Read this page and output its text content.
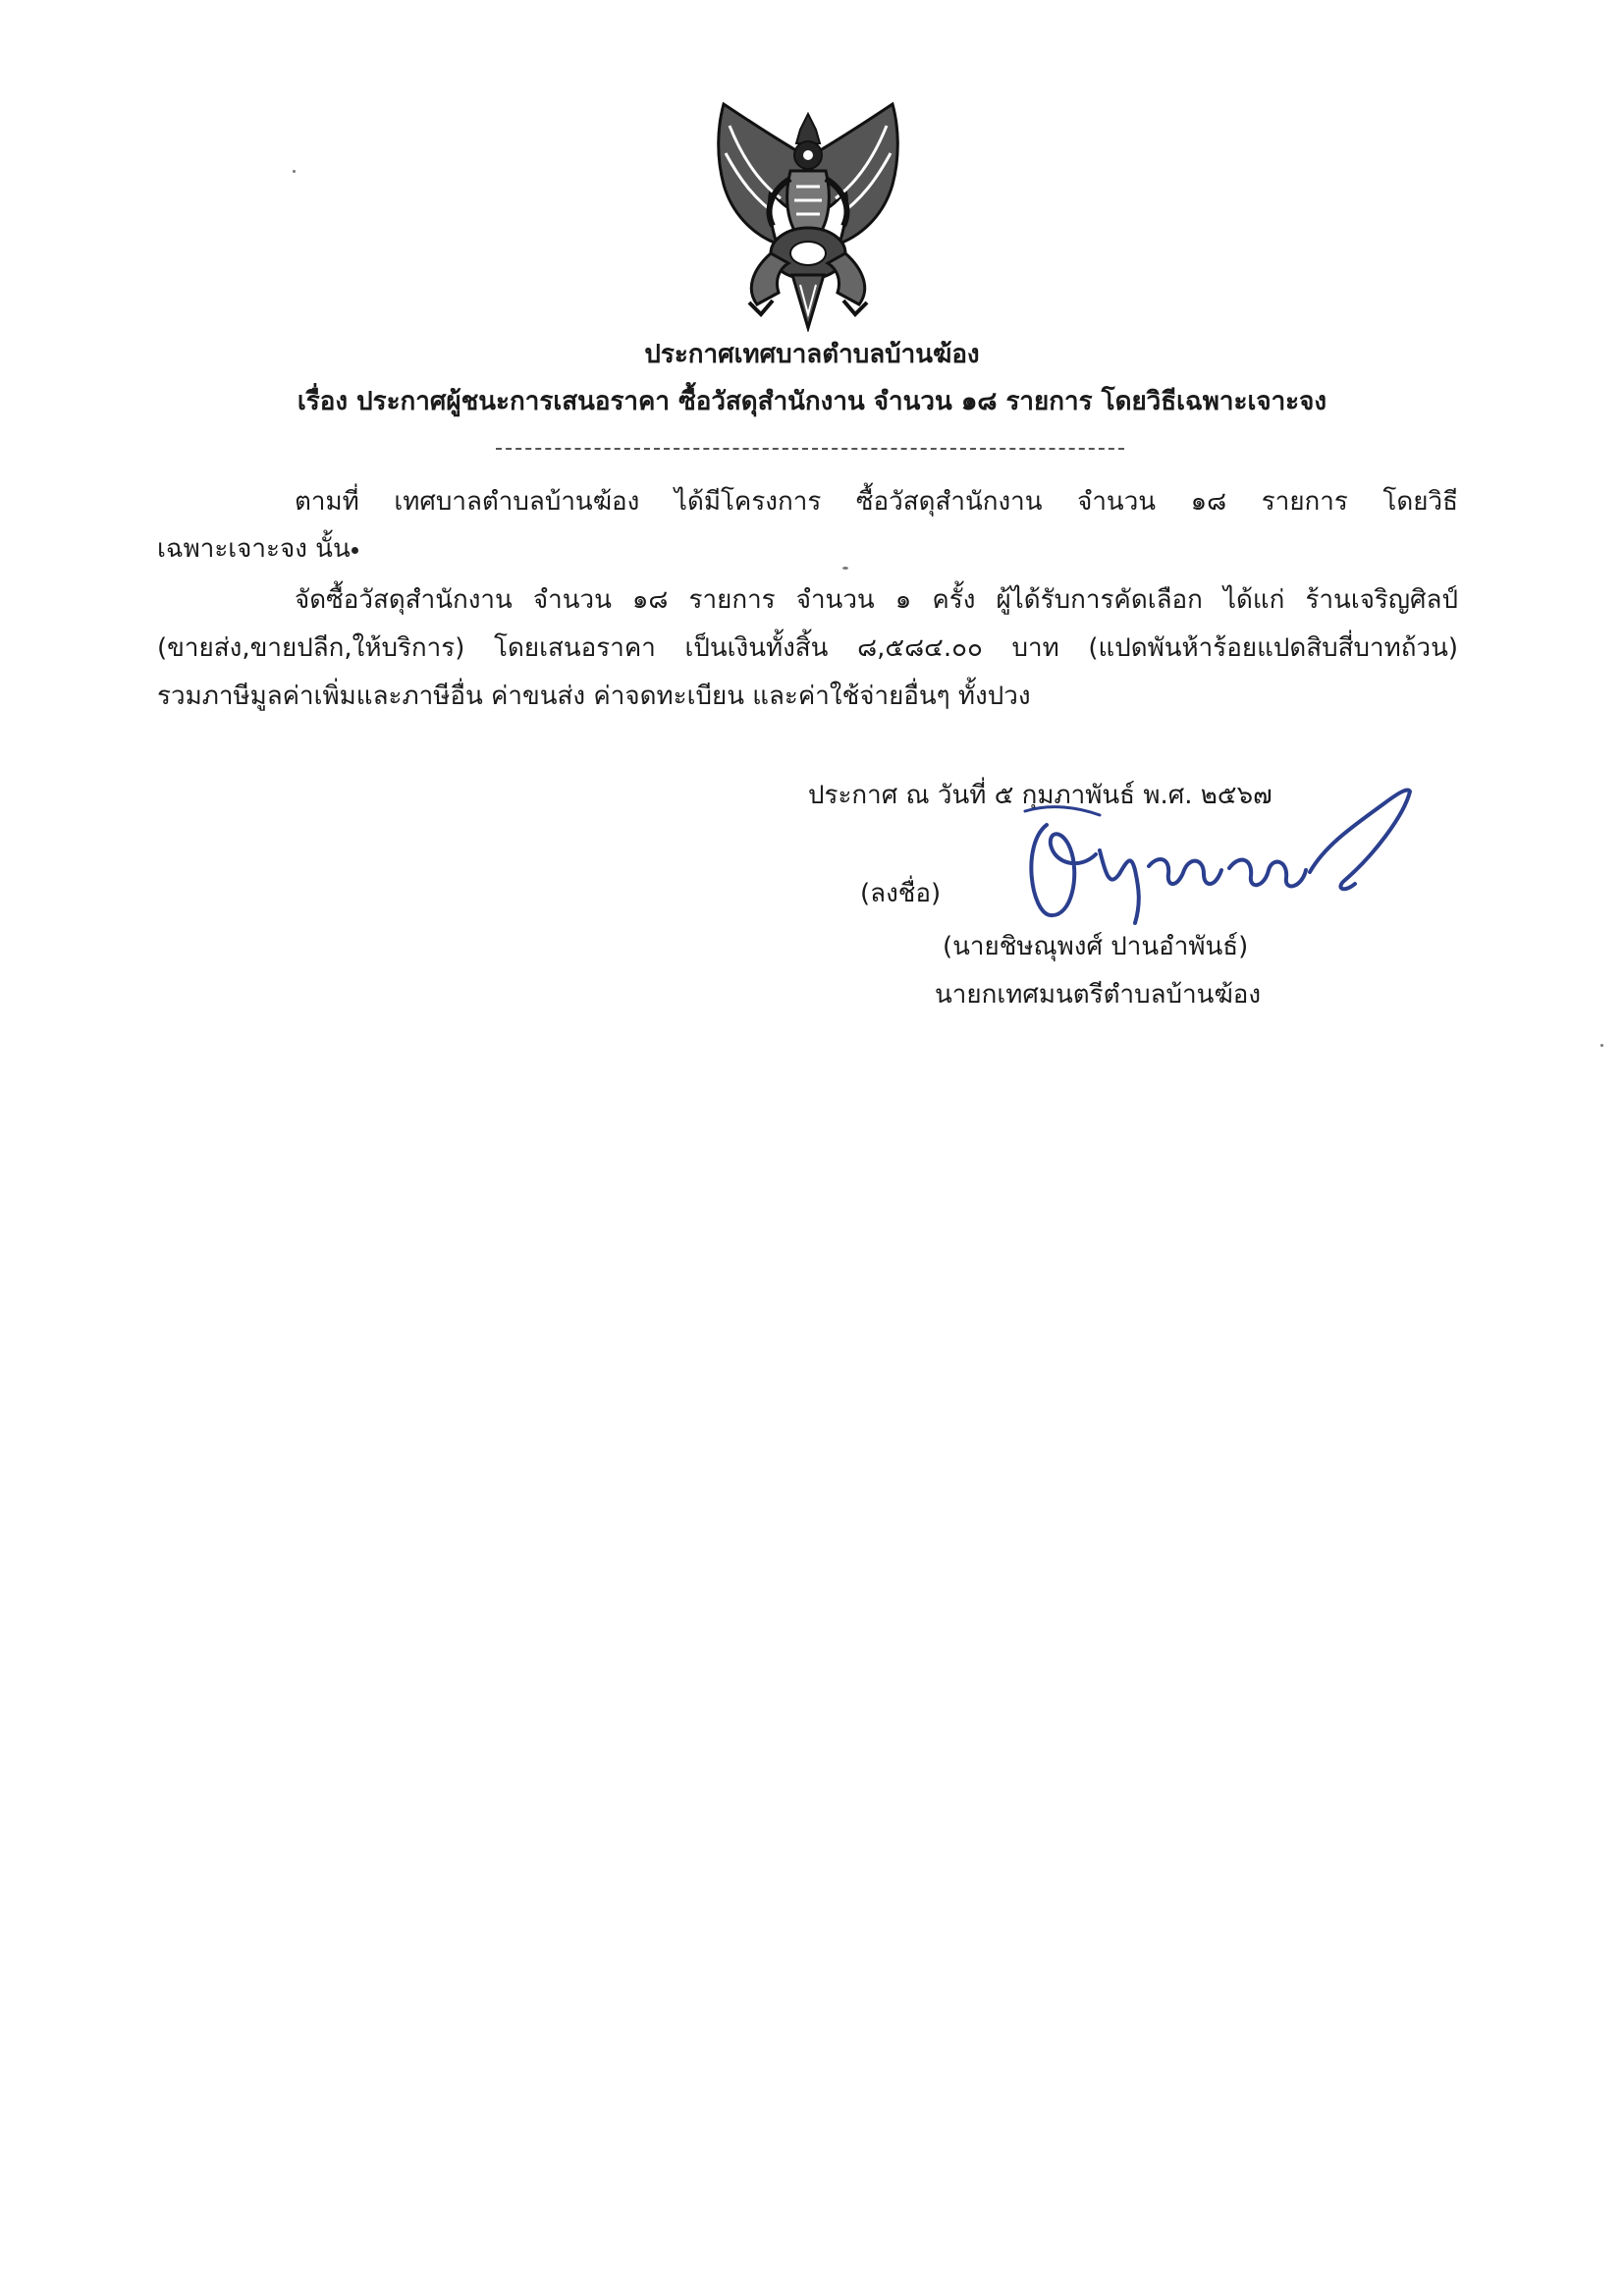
ประกาศเทศบาลตำบลบ้านฆ้อง
เรื่อง ประกาศผู้ชนะการเสนอราคา ซื้อวัสดุสำนักงาน จำนวน ๑๘ รายการ โดยวิธีเฉพาะเจาะจง
ตามที่ เทศบาลตำบลบ้านฆ้อง ได้มีโครงการ ซื้อวัสดุสำนักงาน จำนวน ๑๘ รายการ โดยวิธี
เฉพาะเจาะจง นั้น
จัดซื้อวัสดุสำนักงาน จำนวน ๑๘ รายการ จำนวน ๑ ครั้ง ผู้ได้รับการคัดเลือก ได้แก่ ร้านเจริญศิลป์
(ขายส่ง,ขายปลีก,ให้บริการ) โดยเสนอราคา เป็นเงินทั้งสิ้น ๘,๕๘๔.๐๐ บาท (แปดพันห้าร้อยแปดสิบสี่บาทถ้วน)
รวมภาษีมูลค่าเพิ่มและภาษีอื่น ค่าขนส่ง ค่าจดทะเบียน และค่าใช้จ่ายอื่นๆ ทั้งปวง
ประกาศ ณ วันที่ ๕ กุมภาพันธ์ พ.ศ. ๒๕๖๗
(ลงชื่อ)
(นายชิษณุพงศ์ ปานอำพันธ์)
นายกเทศมนตรีตำบลบ้านฆ้อง
